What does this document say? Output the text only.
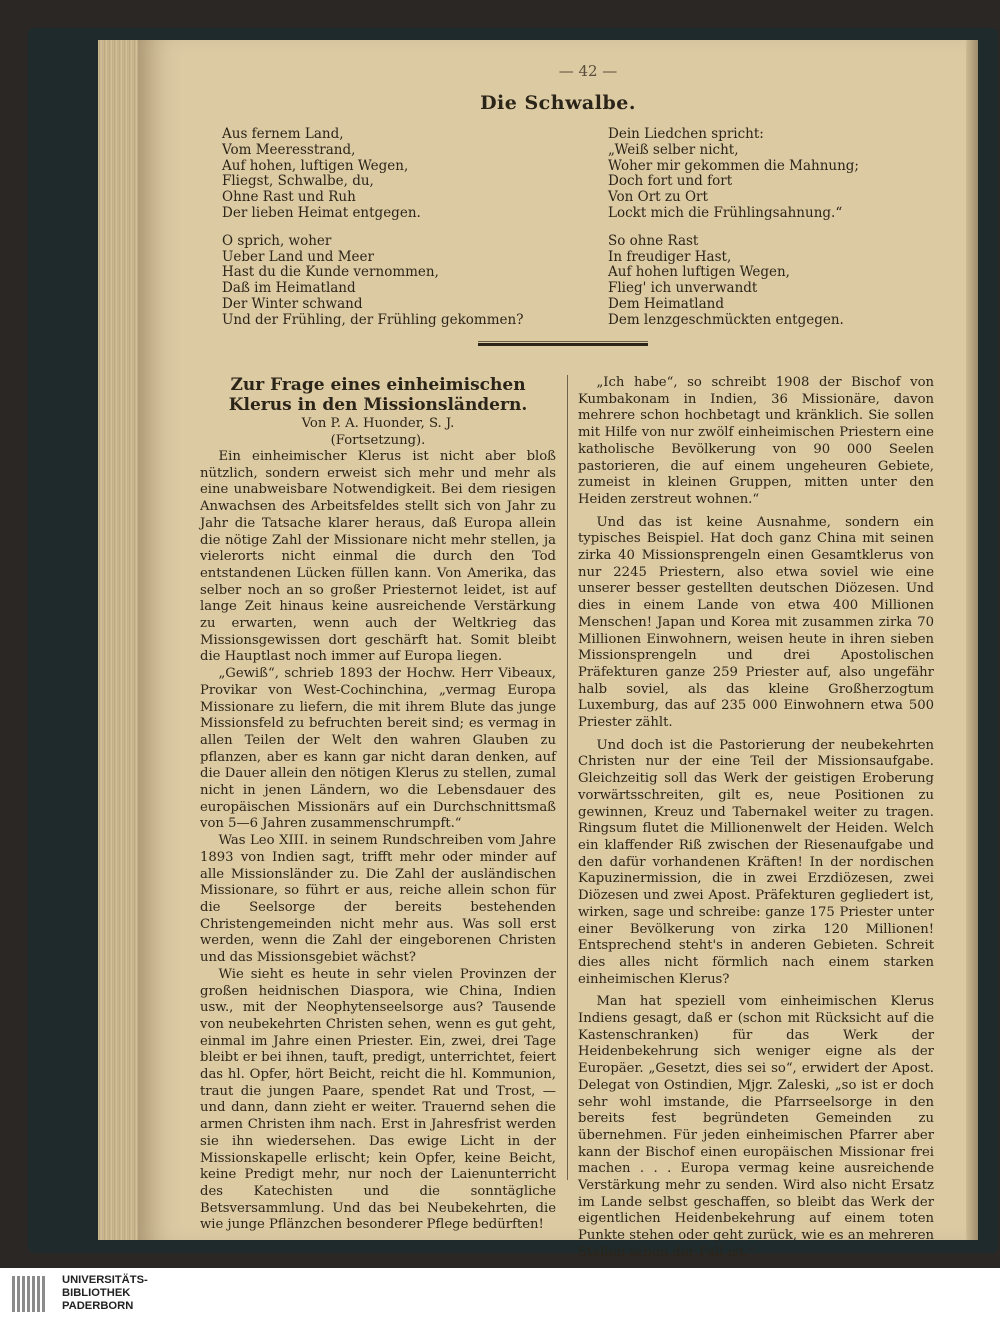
— 42 —
Die Schwalbe.
Aus fernem Land,
Vom Meeresstrand,
Auf hohen, luftigen Wegen,
Fliegst, Schwalbe, du,
Ohne Rast und Ruh
Der lieben Heimat entgegen.
O sprich, woher
Ueber Land und Meer
Hast du die Kunde vernommen,
Daß im Heimatland
Der Winter schwand
Und der Frühling, der Frühling gekommen?
Dein Liedchen spricht:
„Weiß selber nicht,
Woher mir gekommen die Mahnung;
Doch fort und fort
Von Ort zu Ort
Lockt mich die Frühlingsahnung.“
So ohne Rast
In freudiger Hast,
Auf hohen luftigen Wegen,
Flieg' ich unverwandt
Dem Heimatland
Dem lenzgeschmückten entgegen.
Zur Frage eines einheimischen Klerus in den Missionsländern.
Von P. A. Huonder, S. J.
(Fortsetzung).

Ein einheimischer Klerus ist nicht aber bloß nützlich, sondern erweist sich mehr und mehr als eine unabweisbare Notwendigkeit. Bei dem riesigen Anwachsen des Arbeitsfeldes stellt sich von Jahr zu Jahr die Tatsache klarer heraus, daß Europa allein die nötige Zahl der Missionare nicht mehr stellen, ja vielerorts nicht einmal die durch den Tod entstandenen Lücken füllen kann. Von Amerika, das selber noch an so großer Priesternot leidet, ist auf lange Zeit hinaus keine ausreichende Verstärkung zu erwarten, wenn auch der Weltkrieg das Missionsgewissen dort geschärft hat. Somit bleibt die Hauptlast noch immer auf Europa liegen.

„Gewiß“, schrieb 1893 der Hochw. Herr Vibeaux, Provikar von West-Cochinchina, „vermag Europa Missionare zu liefern, die mit ihrem Blute das junge Missionsfeld zu befruchten bereit sind; es vermag in allen Teilen der Welt den wahren Glauben zu pflanzen, aber es kann gar nicht daran denken, auf die Dauer allein den nötigen Klerus zu stellen, zumal nicht in jenen Ländern, wo die Lebensdauer des europäischen Missionärs auf ein Durchschnittsmaß von 5—6 Jahren zusammenschrumpft.“

Was Leo XIII. in seinem Rundschreiben vom Jahre 1893 von Indien sagt, trifft mehr oder minder auf alle Missionsländer zu. Die Zahl der ausländischen Missionare, so führt er aus, reiche allein schon für die Seelsorge der bereits bestehenden Christengemeinden nicht mehr aus. Was soll erst werden, wenn die Zahl der eingeborenen Christen und das Missionsgebiet wächst?

Wie sieht es heute in sehr vielen Provinzen der großen heidnischen Diaspora, wie China, Indien usw., mit der Neophytenseelsorge aus? Tausende von neubekehrten Christen sehen, wenn es gut geht, einmal im Jahre einen Priester. Ein, zwei, drei Tage bleibt er bei ihnen, tauft, predigt, unterrichtet, feiert das hl. Opfer, hört Beicht, reicht die hl. Kommunion, traut die jungen Paare, spendet Rat und Trost, — und dann, dann zieht er weiter. Trauernd sehen die armen Christen ihm nach. Erst in Jahresfrist werden sie ihn wiedersehen. Das ewige Licht in der Missionskapelle erlischt; kein Opfer, keine Beicht, keine Predigt mehr, nur noch der Laienunterricht des Katechisten und die sonntägliche Betsversammlung. Und das bei Neubekehrten, die wie junge Pflänzchen besonderer Pflege bedürften!

„Ich habe“, so schreibt 1908 der Bischof von Kumbakonam in Indien, 36 Missionäre, davon mehrere schon hochbetagt und kränklich. Sie sollen mit Hilfe von nur zwölf einheimischen Priestern eine katholische Bevölkerung von 90 000 Seelen pastorieren, die auf einem ungeheuren Gebiete, zumeist in kleinen Gruppen, mitten unter den Heiden zerstreut wohnen.“

Und das ist keine Ausnahme, sondern ein typisches Beispiel. Hat doch ganz China mit seinen zirka 40 Missionsprengeln einen Gesamtklerus von nur 2245 Priestern, also etwa soviel wie eine unserer besser gestellten deutschen Diözesen. Und dies in einem Lande von etwa 400 Millionen Menschen! Japan und Korea mit zusammen zirka 70 Millionen Einwohnern, weisen heute in ihren sieben Missionsprengeln und drei Apostolischen Präfekturen ganze 259 Priester auf, also ungefähr halb soviel, als das kleine Großherzogtum Luxemburg, das auf 235 000 Einwohnern etwa 500 Priester zählt.

Und doch ist die Pastorierung der neubekehrten Christen nur der eine Teil der Missionsaufgabe. Gleichzeitig soll das Werk der geistigen Eroberung vorwärtsschreiten, gilt es, neue Positionen zu gewinnen, Kreuz und Tabernakel weiter zu tragen. Ringsum flutet die Millionenwelt der Heiden. Welch ein klaffender Riß zwischen der Riesenaufgabe und den dafür vorhandenen Kräften! In der nordischen Kapuzinermission, die in zwei Erzdiözesen, zwei Diözesen und zwei Apost. Präfekturen gegliedert ist, wirken, sage und schreibe: ganze 175 Priester unter einer Bevölkerung von zirka 120 Millionen! Entsprechend steht's in anderen Gebieten. Schreit dies alles nicht förmlich nach einem starken einheimischen Klerus?

Man hat speziell vom einheimischen Klerus Indiens gesagt, daß er (schon mit Rücksicht auf die Kastenschranken) für das Werk der Heidenbekehrung sich weniger eigne als der Europäer. „Gesetzt, dies sei so“, erwidert der Apost. Delegat von Ostindien, Mjgr. Zaleski, „so ist er doch sehr wohl imstande, die Pfarrseelsorge in den bereits fest begründeten Gemeinden zu übernehmen. Für jeden einheimischen Pfarrer aber kann der Bischof einen europäischen Missionar frei machen . . . Europa vermag keine ausreichende Verstärkung mehr zu senden. Wird also nicht Ersatz im Lande selbst geschaffen, so bleibt das Werk der eigentlichen Heidenbekehrung auf einem toten Punkte stehen oder geht zurück, wie es an mehreren Stellen schon der Fall ist.“

UNIVERSITÄTS-
BIBLIOTHEK
PADERBORN
